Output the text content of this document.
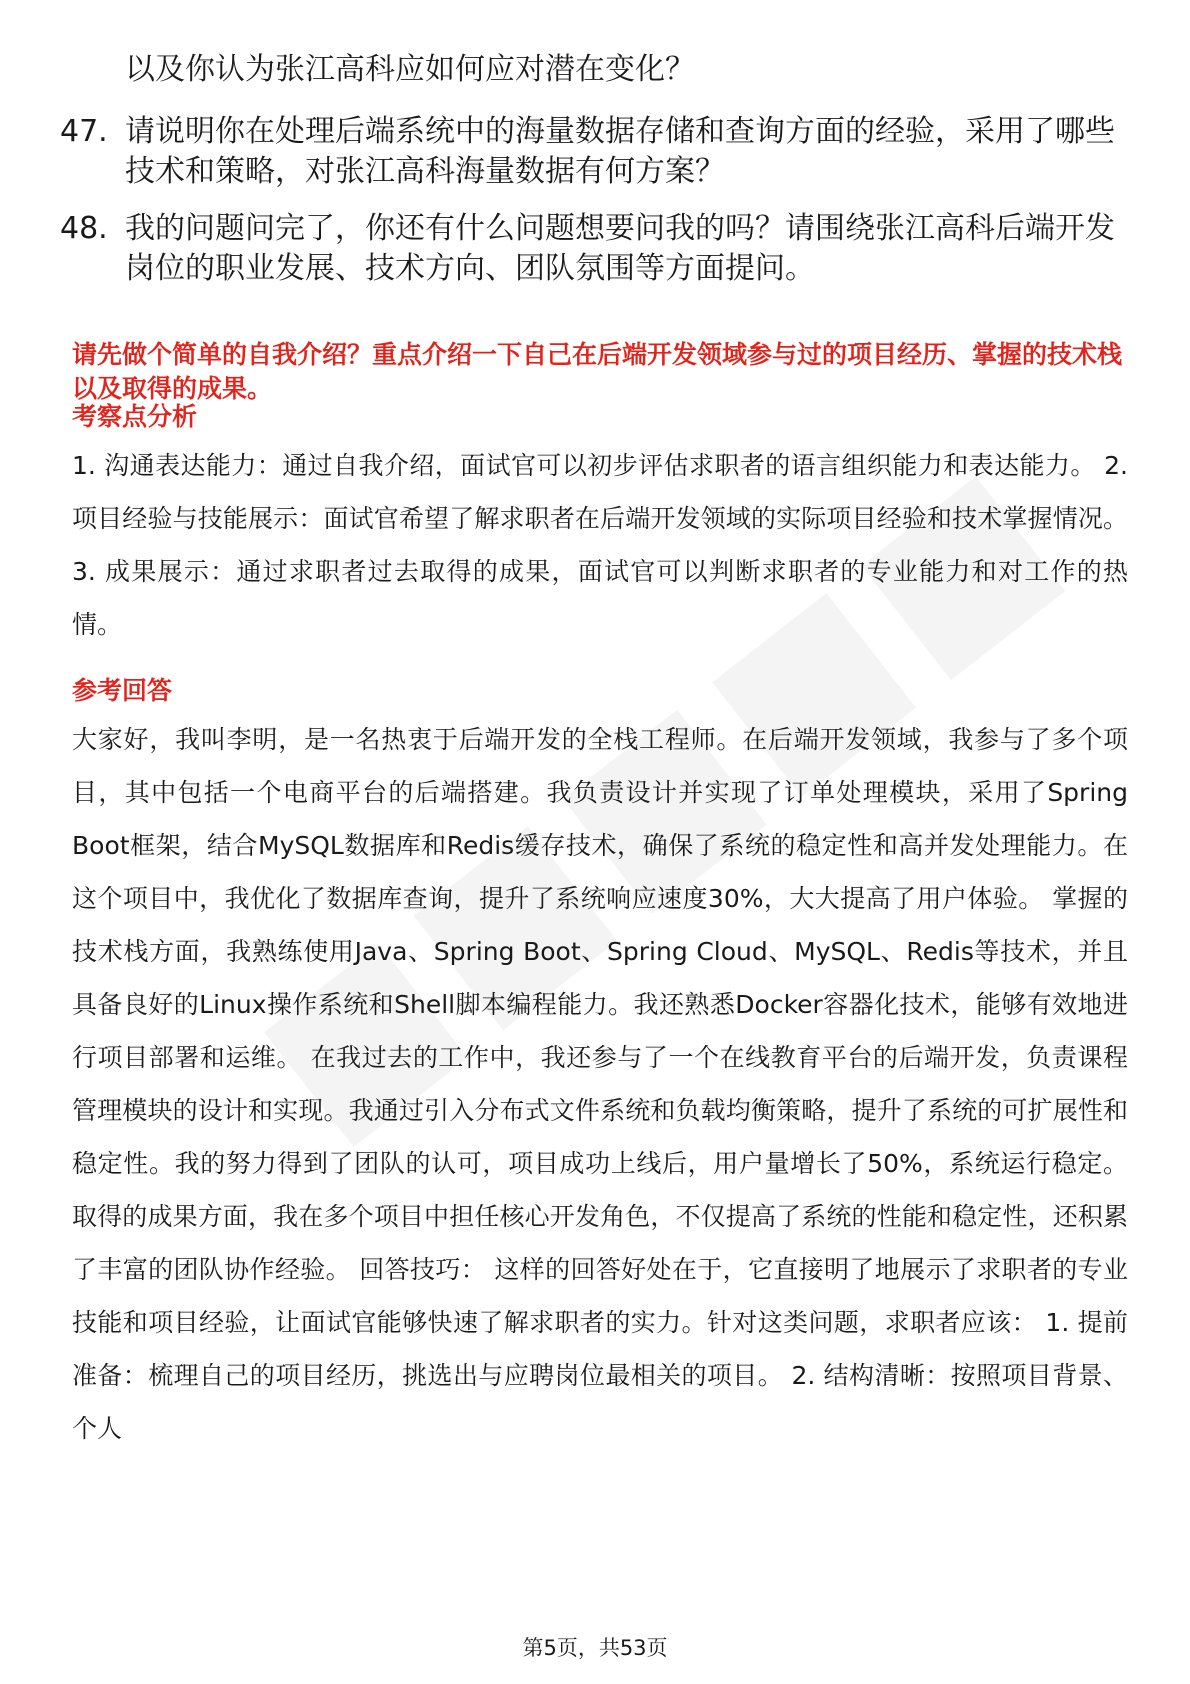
以及你认为张江高科应如何应对潜在变化？
47. 请说明你在处理后端系统中的海量数据存储和查询方面的经验，采用了哪些技术和策略，对张江高科海量数据有何方案？
48. 我的问题问完了，你还有什么问题想要问我的吗？请围绕张江高科后端开发岗位的职业发展、技术方向、团队氛围等方面提问。
请先做个简单的自我介绍？重点介绍一下自己在后端开发领域参与过的项目经历、掌握的技术栈以及取得的成果。
考察点分析
1. 沟通表达能力：通过自我介绍，面试官可以初步评估求职者的语言组织能力和表达能力。 2. 项目经验与技能展示：面试官希望了解求职者在后端开发领域的实际项目经验和技术掌握情况。 3. 成果展示：通过求职者过去取得的成果，面试官可以判断求职者的专业能力和对工作的热情。
参考回答
大家好，我叫李明，是一名热衷于后端开发的全栈工程师。在后端开发领域，我参与了多个项目，其中包括一个电商平台的后端搭建。我负责设计并实现了订单处理模块，采用了Spring Boot框架，结合MySQL数据库和Redis缓存技术，确保了系统的稳定性和高并发处理能力。在这个项目中，我优化了数据库查询，提升了系统响应速度30%，大大提高了用户体验。 掌握的技术栈方面，我熟练使用Java、Spring Boot、Spring Cloud、MySQL、Redis等技术，并且具备良好的Linux操作系统和Shell脚本编程能力。我还熟悉Docker容器化技术，能够有效地进行项目部署和运维。 在我过去的工作中，我还参与了一个在线教育平台的后端开发，负责课程管理模块的设计和实现。我通过引入分布式文件系统和负载均衡策略，提升了系统的可扩展性和稳定性。我的努力得到了团队的认可，项目成功上线后，用户量增长了50%，系统运行稳定。 取得的成果方面，我在多个项目中担任核心开发角色，不仅提高了系统的性能和稳定性，还积累了丰富的团队协作经验。 回答技巧： 这样的回答好处在于，它直接明了地展示了求职者的专业技能和项目经验，让面试官能够快速了解求职者的实力。针对这类问题，求职者应该： 1. 提前准备：梳理自己的项目经历，挑选出与应聘岗位最相关的项目。 2. 结构清晰：按照项目背景、个人
第5页，共53页
